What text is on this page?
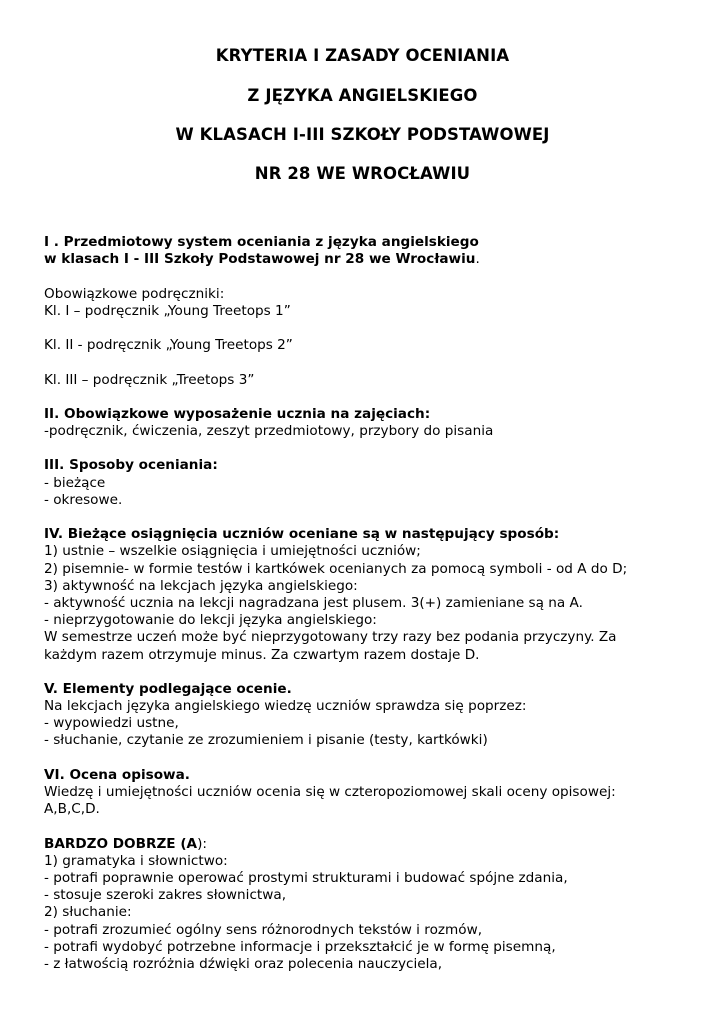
KRYTERIA I ZASADY OCENIANIA
Z JĘZYKA ANGIELSKIEGO
W KLASACH I-III SZKOŁY PODSTAWOWEJ
NR 28 WE WROCŁAWIU
I . Przedmiotowy system oceniania z języka angielskiego
w klasach I - III Szkoły Podstawowej nr 28 we Wrocławiu.
Obowiązkowe podręczniki:
Kl. I – podręcznik „Young Treetops 1”
Kl. II - podręcznik „Young Treetops 2”
Kl. III – podręcznik „Treetops 3”
II. Obowiązkowe wyposażenie ucznia na zajęciach:
-podręcznik, ćwiczenia, zeszyt przedmiotowy, przybory do pisania
III. Sposoby oceniania:
- bieżące
- okresowe.
IV. Bieżące osiągnięcia uczniów oceniane są w następujący sposób:
1) ustnie – wszelkie osiągnięcia i umiejętności uczniów;
2) pisemnie- w formie testów i kartkówek ocenianych za pomocą symboli - od A do D;
3) aktywność na lekcjach języka angielskiego:
- aktywność ucznia na lekcji nagradzana jest plusem. 3(+) zamieniane są na A.
- nieprzygotowanie do lekcji języka angielskiego:
W semestrze uczeń może być nieprzygotowany trzy razy bez podania przyczyny. Za
każdym razem otrzymuje minus. Za czwartym razem dostaje D.
V. Elementy podlegające ocenie.
Na lekcjach języka angielskiego wiedzę uczniów sprawdza się poprzez:
- wypowiedzi ustne,
- słuchanie, czytanie ze zrozumieniem i pisanie (testy, kartkówki)
VI. Ocena opisowa.
Wiedzę i umiejętności uczniów ocenia się w czteropoziomowej skali oceny opisowej:
A,B,C,D.
BARDZO DOBRZE (A):
1) gramatyka i słownictwo:
- potrafi poprawnie operować prostymi strukturami i budować spójne zdania,
- stosuje szeroki zakres słownictwa,
2) słuchanie:
- potrafi zrozumieć ogólny sens różnorodnych tekstów i rozmów,
- potrafi wydobyć potrzebne informacje i przekształcić je w formę pisemną,
- z łatwością rozróżnia dźwięki oraz polecenia nauczyciela,
